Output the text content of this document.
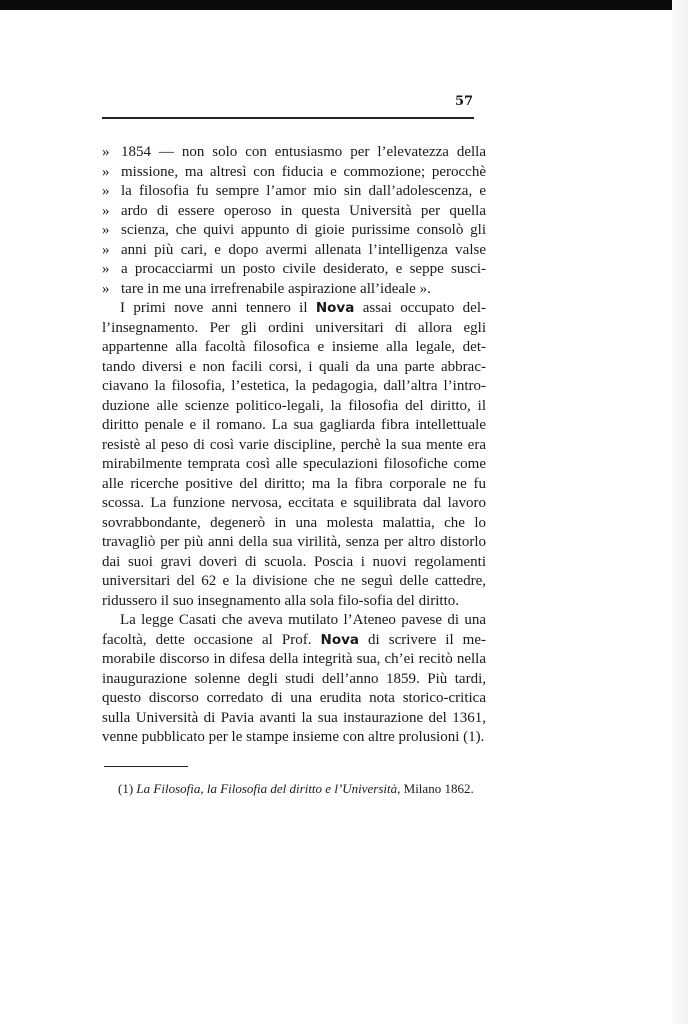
57
» 1854 — non solo con entusiasmo per l’elevatezza della
» missione, ma altresì con fiducia e commozione; perocchè
» la filosofia fu sempre l’amor mio sin dall’adolescenza, e
» ardo di essere operoso in questa Università per quella
» scienza, che quivi appunto di gioie purissime consolò gli
» anni più cari, e dopo avermi allenata l’intelligenza valse
» a procacciarmi un posto civile desiderato, e seppe susci-
» tare in me una irrefrenabile aspirazione all’ideale ».

I primi nove anni tennero il Nova assai occupato del-l’insegnamento. Per gli ordini universitari di allora egli appartenne alla facoltà filosofica e insieme alla legale, det-tando diversi e non facili corsi, i quali da una parte abbrac-ciavano la filosofia, l’estetica, la pedagogia, dall’altra l’intro-duzione alle scienze politico-legali, la filosofia del diritto, il diritto penale e il romano. La sua gagliarda fibra intellettuale resistè al peso di così varie discipline, perchè la sua mente era mirabilmente temprata così alle speculazioni filosofiche come alle ricerche positive del diritto; ma la fibra corporale ne fu scossa. La funzione nervosa, eccitata e squilibrata dal lavoro sovrabbondante, degenerò in una molesta malattia, che lo travagliò per più anni della sua virilità, senza per altro distorlo dai suoi gravi doveri di scuola. Poscia i nuovi regolamenti universitari del 62 e la divisione che ne seguì delle cattedre, ridussero il suo insegnamento alla sola filo-sofia del diritto.

La legge Casati che aveva mutilato l’Ateneo pavese di una facoltà, dette occasione al Prof. Nova di scrivere il me-morabile discorso in difesa della integrità sua, ch’ei recitò nella inaugurazione solenne degli studi dell’anno 1859. Più tardi, questo discorso corredato di una erudita nota storico-critica sulla Università di Pavia avanti la sua instaurazione del 1361, venne pubblicato per le stampe insieme con altre prolusioni (1).

(1) La Filosofia, la Filosofia del diritto e l’Università, Milano 1862.
